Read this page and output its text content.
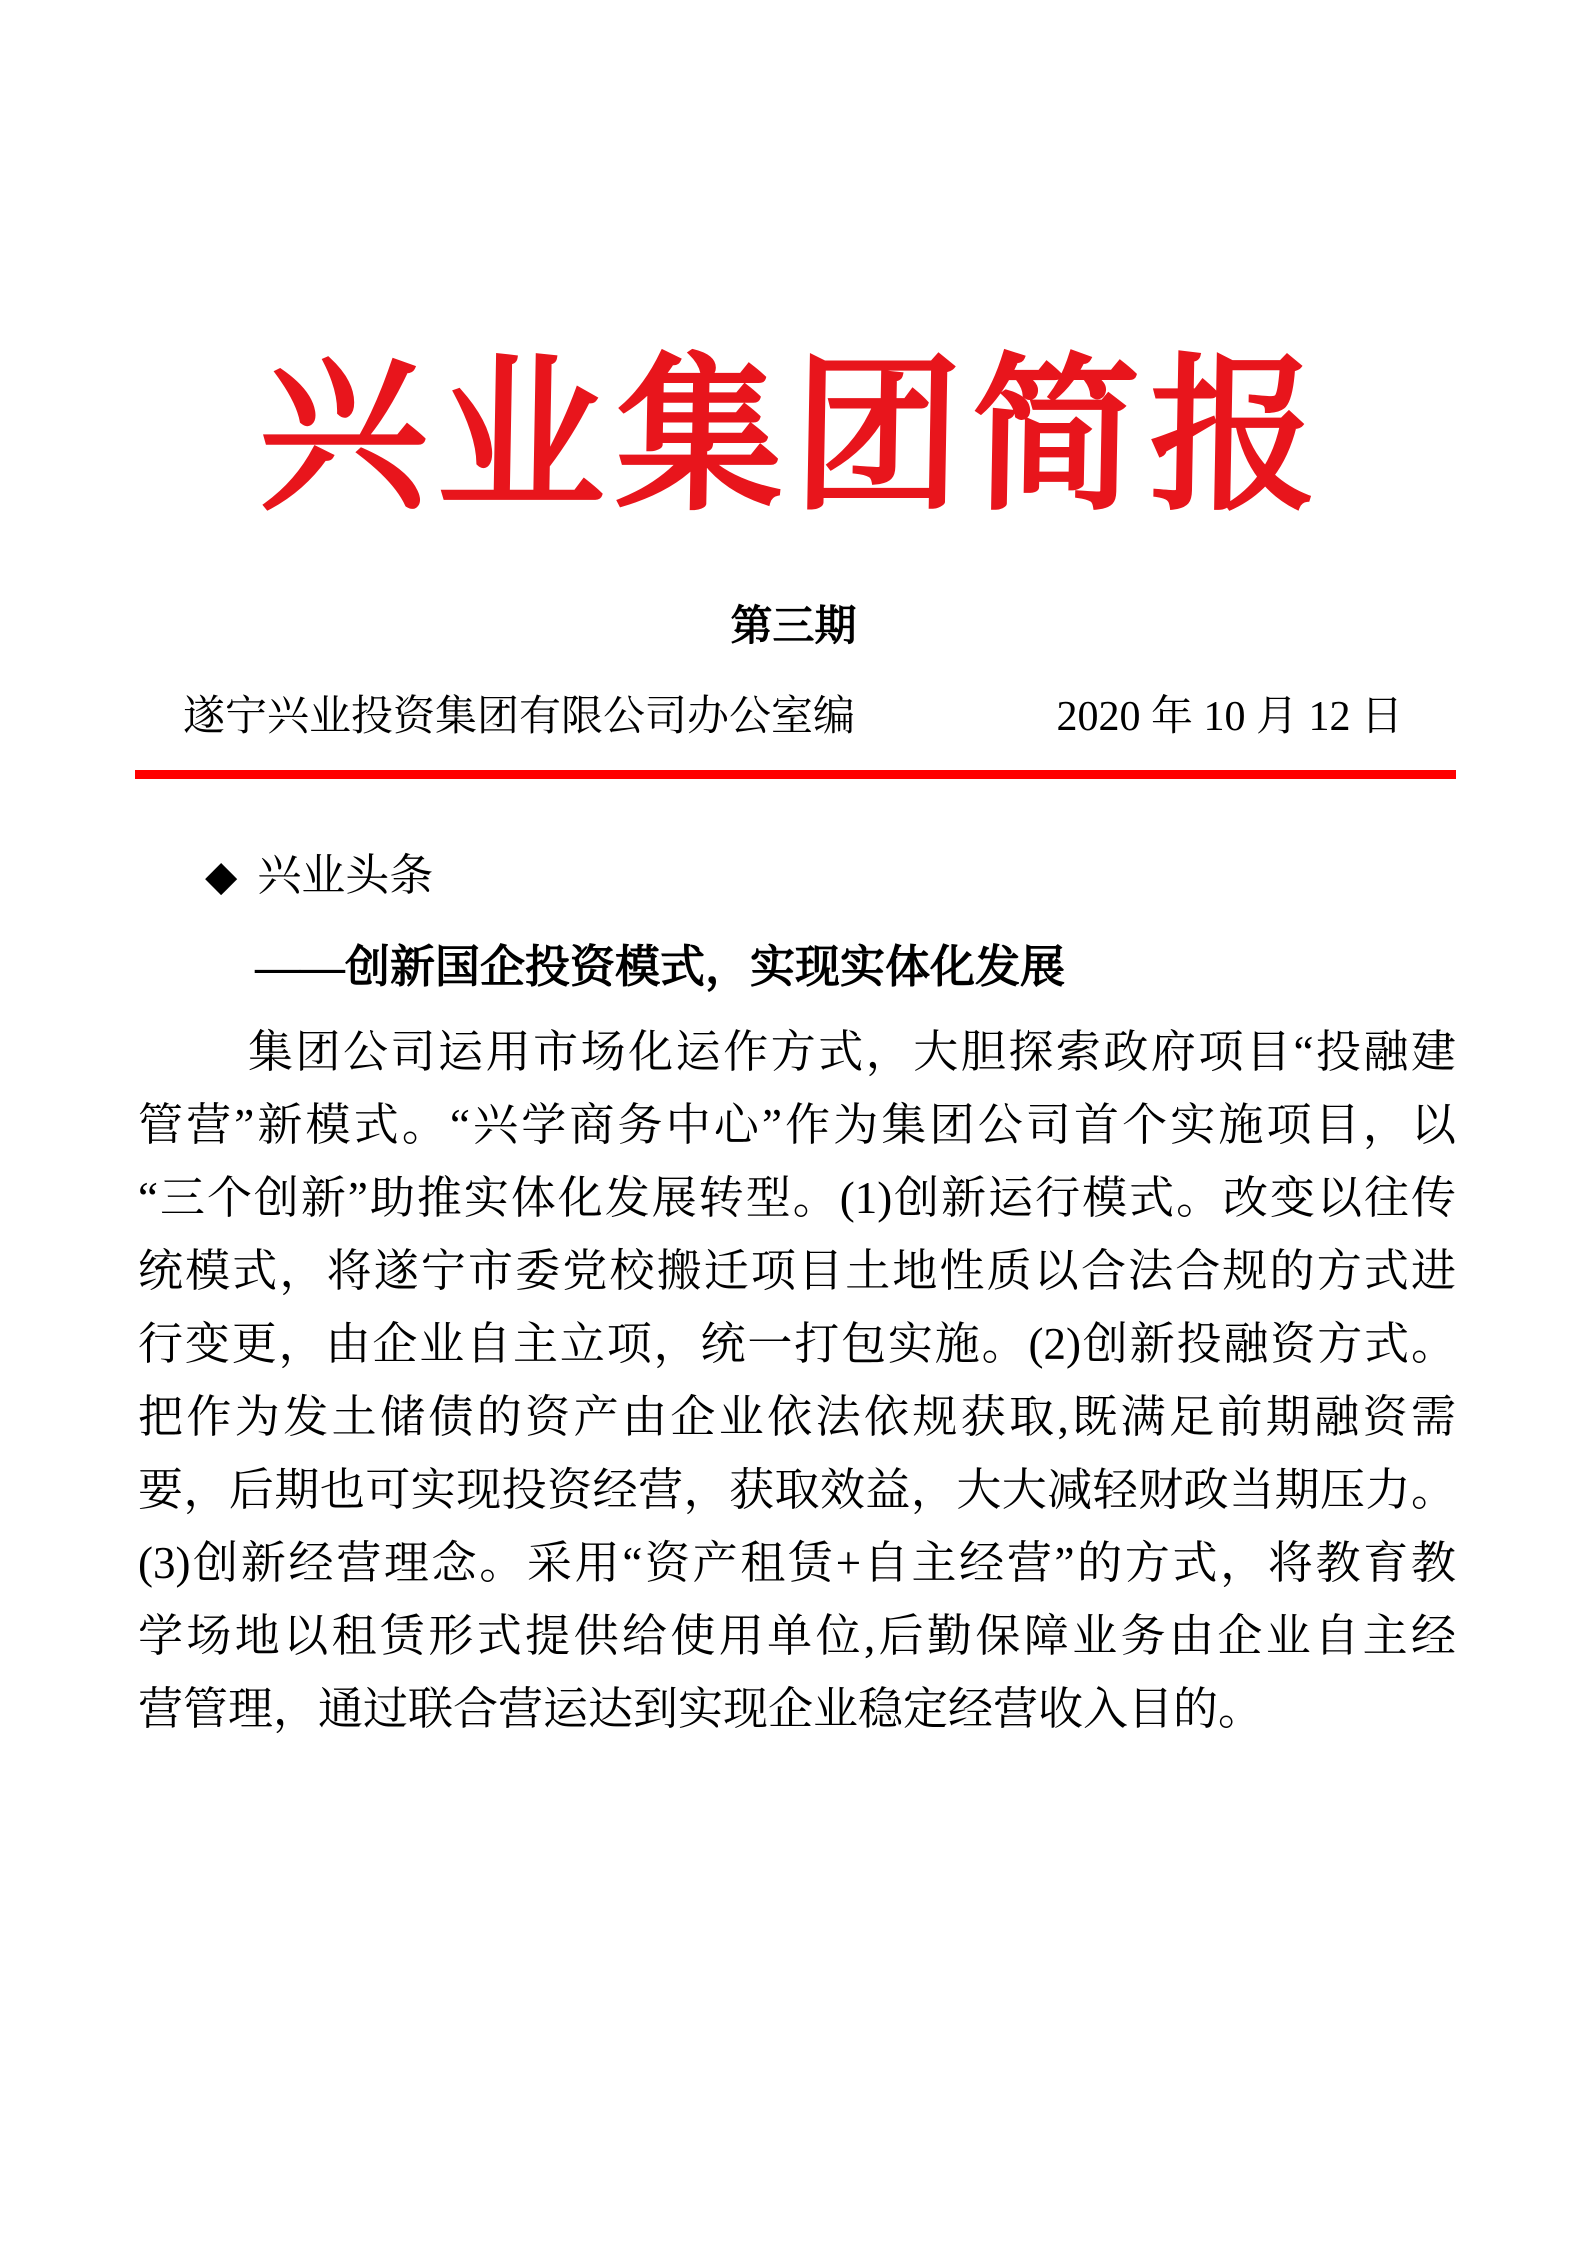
兴业集团简报
第三期
遂宁兴业投资集团有限公司办公室编	2020 年 10 月 12 日
◆ 兴业头条
——创新国企投资模式，实现实体化发展
集团公司运用市场化运作方式，大胆探索政府项目“投融建
管营”新模式。“兴学商务中心”作为集团公司首个实施项目，以
“三个创新”助推实体化发展转型。(1)创新运行模式。改变以往传
统模式，将遂宁市委党校搬迁项目土地性质以合法合规的方式进
行变更，由企业自主立项，统一打包实施。(2)创新投融资方式。
把作为发土储债的资产由企业依法依规获取,既满足前期融资需
要，后期也可实现投资经营，获取效益，大大减轻财政当期压力。
(3)创新经营理念。采用“资产租赁+自主经营”的方式，将教育教
学场地以租赁形式提供给使用单位,后勤保障业务由企业自主经
营管理，通过联合营运达到实现企业稳定经营收入目的。
